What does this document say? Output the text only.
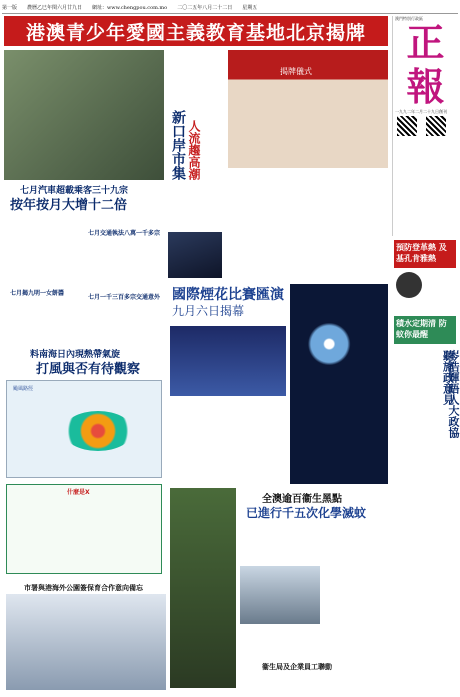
第一版 農曆乙巳年閏六月廿九日 網址：www.chengpou.com.mo 二〇二五年八月二十二日 星期五
港澳青少年愛國主義教育基地北京揭牌
澳門特別行政區
正
報
一九九二年二月二十九日創刊

預防登革熱 及基孔肯雅熱
積水定期清 防蚊你最醒
岑浩輝晤人大政協聽施政意見
七月汽車超載乘客三十九宗
按年按月大增十二倍
七月交通執法八萬一千多宗
七月一千三百多宗交通意外
七月揭九明一女餅醬
新口岸市集 人流趨高潮
揭牌儀式
國際煙花比賽匯演
九月六日揭幕
料南海日內現熱帶氣旋
打風與否有待觀察
颱風路徑
什麼是X
市署與港海外公園簽保育合作意向備忘
全澳逾百衞生黑點
已進行千五次化學滅蚊
衞生局及企業員工聯動
